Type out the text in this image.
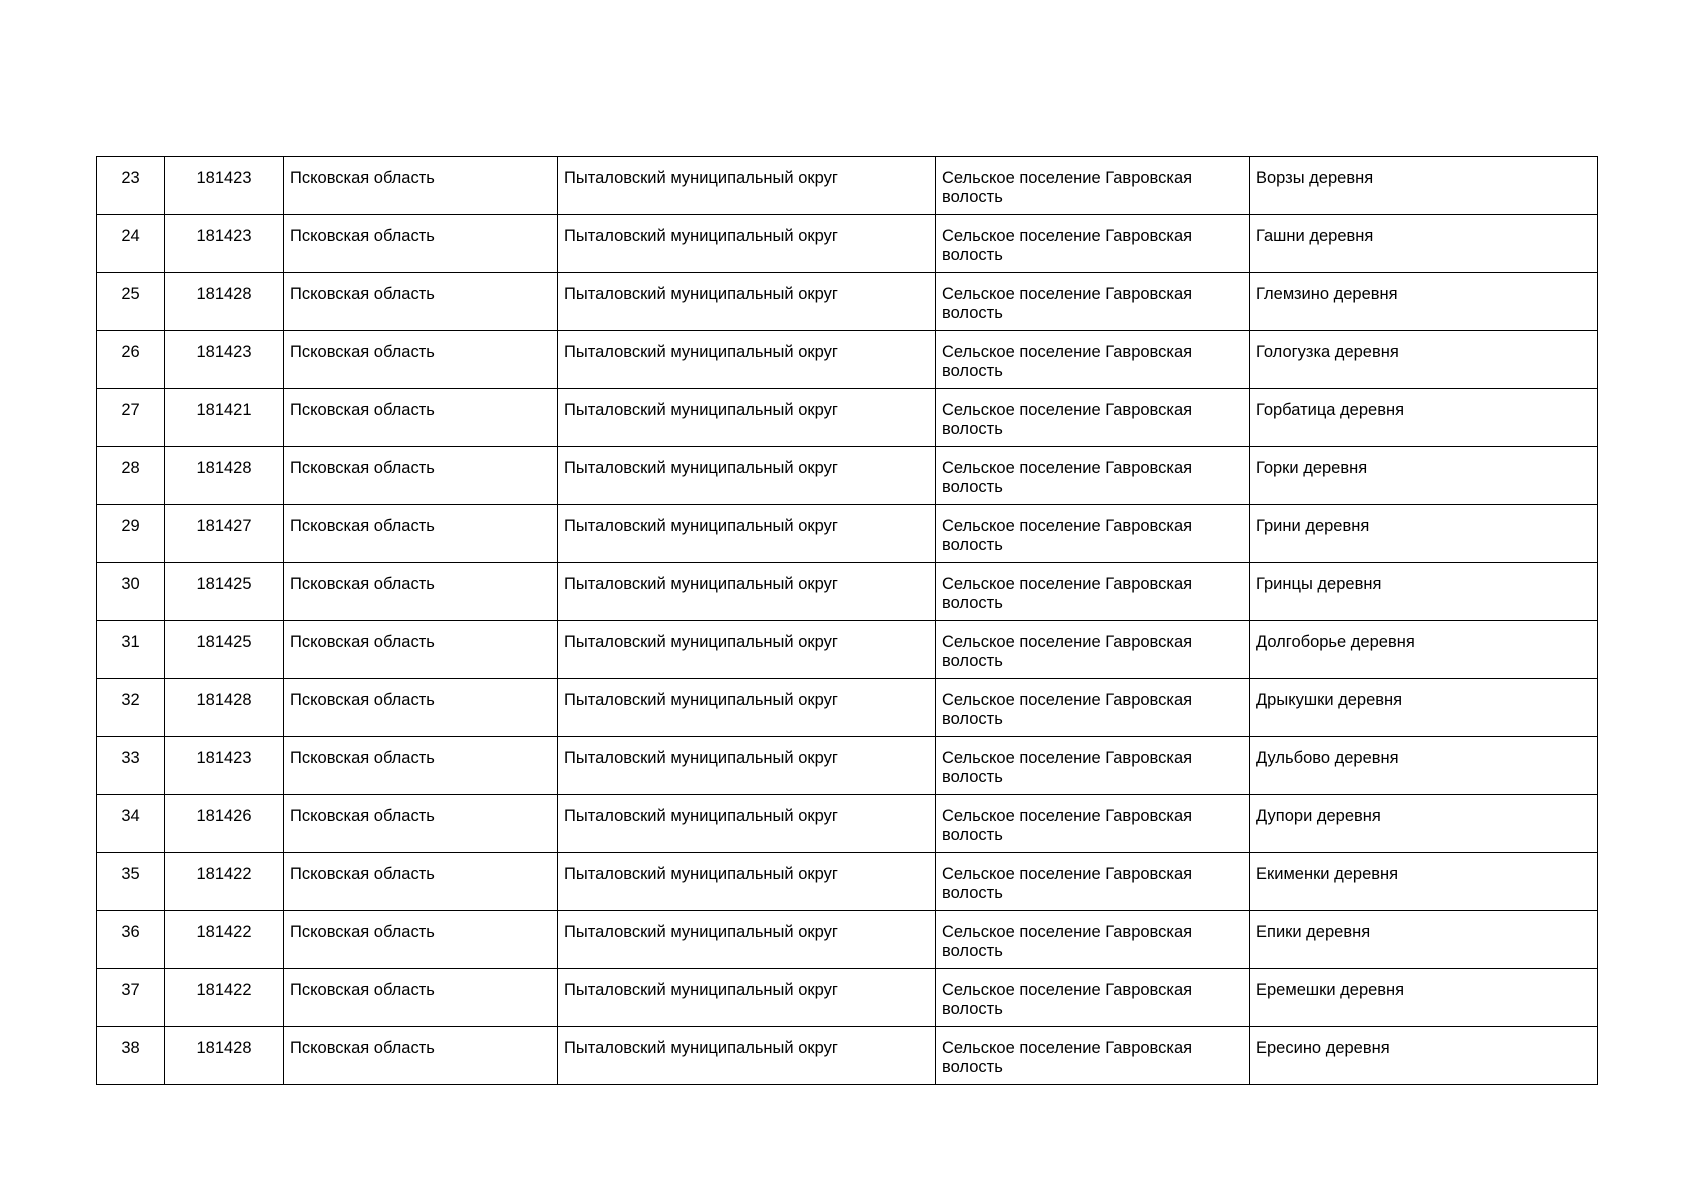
23	181423	Псковская область	Пыталовский муниципальный округ	Сельское поселение Гавровская волость	Ворзы деревня
24	181423	Псковская область	Пыталовский муниципальный округ	Сельское поселение Гавровская волость	Гашни деревня
25	181428	Псковская область	Пыталовский муниципальный округ	Сельское поселение Гавровская волость	Глемзино деревня
26	181423	Псковская область	Пыталовский муниципальный округ	Сельское поселение Гавровская волость	Гологузка деревня
27	181421	Псковская область	Пыталовский муниципальный округ	Сельское поселение Гавровская волость	Горбатица деревня
28	181428	Псковская область	Пыталовский муниципальный округ	Сельское поселение Гавровская волость	Горки деревня
29	181427	Псковская область	Пыталовский муниципальный округ	Сельское поселение Гавровская волость	Грини деревня
30	181425	Псковская область	Пыталовский муниципальный округ	Сельское поселение Гавровская волость	Гринцы деревня
31	181425	Псковская область	Пыталовский муниципальный округ	Сельское поселение Гавровская волость	Долгоборье деревня
32	181428	Псковская область	Пыталовский муниципальный округ	Сельское поселение Гавровская волость	Дрыкушки деревня
33	181423	Псковская область	Пыталовский муниципальный округ	Сельское поселение Гавровская волость	Дульбово деревня
34	181426	Псковская область	Пыталовский муниципальный округ	Сельское поселение Гавровская волость	Дупори деревня
35	181422	Псковская область	Пыталовский муниципальный округ	Сельское поселение Гавровская волость	Екименки деревня
36	181422	Псковская область	Пыталовский муниципальный округ	Сельское поселение Гавровская волость	Епики деревня
37	181422	Псковская область	Пыталовский муниципальный округ	Сельское поселение Гавровская волость	Еремешки деревня
38	181428	Псковская область	Пыталовский муниципальный округ	Сельское поселение Гавровская волость	Ересино деревня
